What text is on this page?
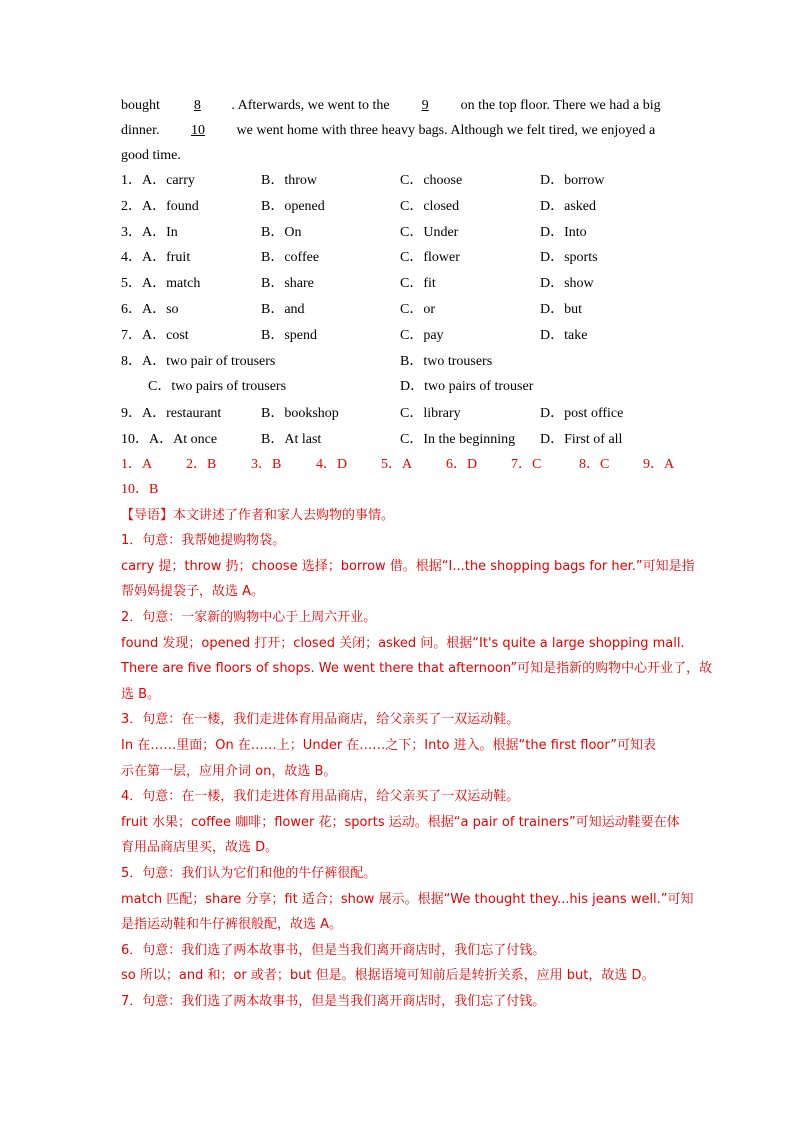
bought 8 . Afterwards, we went to the 9 on the top floor. There we had a big
dinner. 10 we went home with three heavy bags. Although we felt tired, we enjoyed a
good time.
1．A．carry	B．throw	C．choose	D．borrow
2．A．found	B．opened	C．closed	D．asked
3．A．In	B．On	C．Under	D．Into
4．A．fruit	B．coffee	C．flower	D．sports
5．A．match	B．share	C．fit	D．show
6．A．so	B．and	C．or	D．but
7．A．cost	B．spend	C．pay	D．take
8．A．two pair of trousers	B．two trousers
C．two pairs of trousers	D．two pairs of trouser
9．A．restaurant	B．bookshop	C．library	D．post office
10．A．At once	B．At last	C．In the beginning D．First of all
1．A 2．B 3．B 4．D 5．A 6．D 7．C	8．C 9．A
10．B
【导语】本文讲述了作者和家人去购物的事情。
1．句意：我帮她提购物袋。
carry 提；throw 扔；choose 选择；borrow 借。根据“I...the shopping bags for her.”可知是指
帮妈妈提袋子，故选 A。
2．句意：一家新的购物中心于上周六开业。
found 发现；opened 打开；closed 关闭；asked 问。根据“It's quite a large shopping mall.
There are five floors of shops. We went there that afternoon”可知是指新的购物中心开业了，故
选 B。
3．句意：在一楼，我们走进体育用品商店，给父亲买了一双运动鞋。
In 在……里面；On 在……上；Under 在……之下；Into 进入。根据“the first floor”可知表
示在第一层，应用介词 on，故选 B。
4．句意：在一楼，我们走进体育用品商店，给父亲买了一双运动鞋。
fruit 水果；coffee 咖啡；flower 花；sports 运动。根据“a pair of trainers”可知运动鞋要在体
育用品商店里买，故选 D。
5．句意：我们认为它们和他的牛仔裤很配。
match 匹配；share 分享；fit 适合；show 展示。根据“We thought they...his jeans well.”可知
是指运动鞋和牛仔裤很般配，故选 A。
6．句意：我们选了两本故事书，但是当我们离开商店时，我们忘了付钱。
so 所以；and 和；or 或者；but 但是。根据语境可知前后是转折关系，应用 but，故选 D。
7．句意：我们选了两本故事书，但是当我们离开商店时，我们忘了付钱。
